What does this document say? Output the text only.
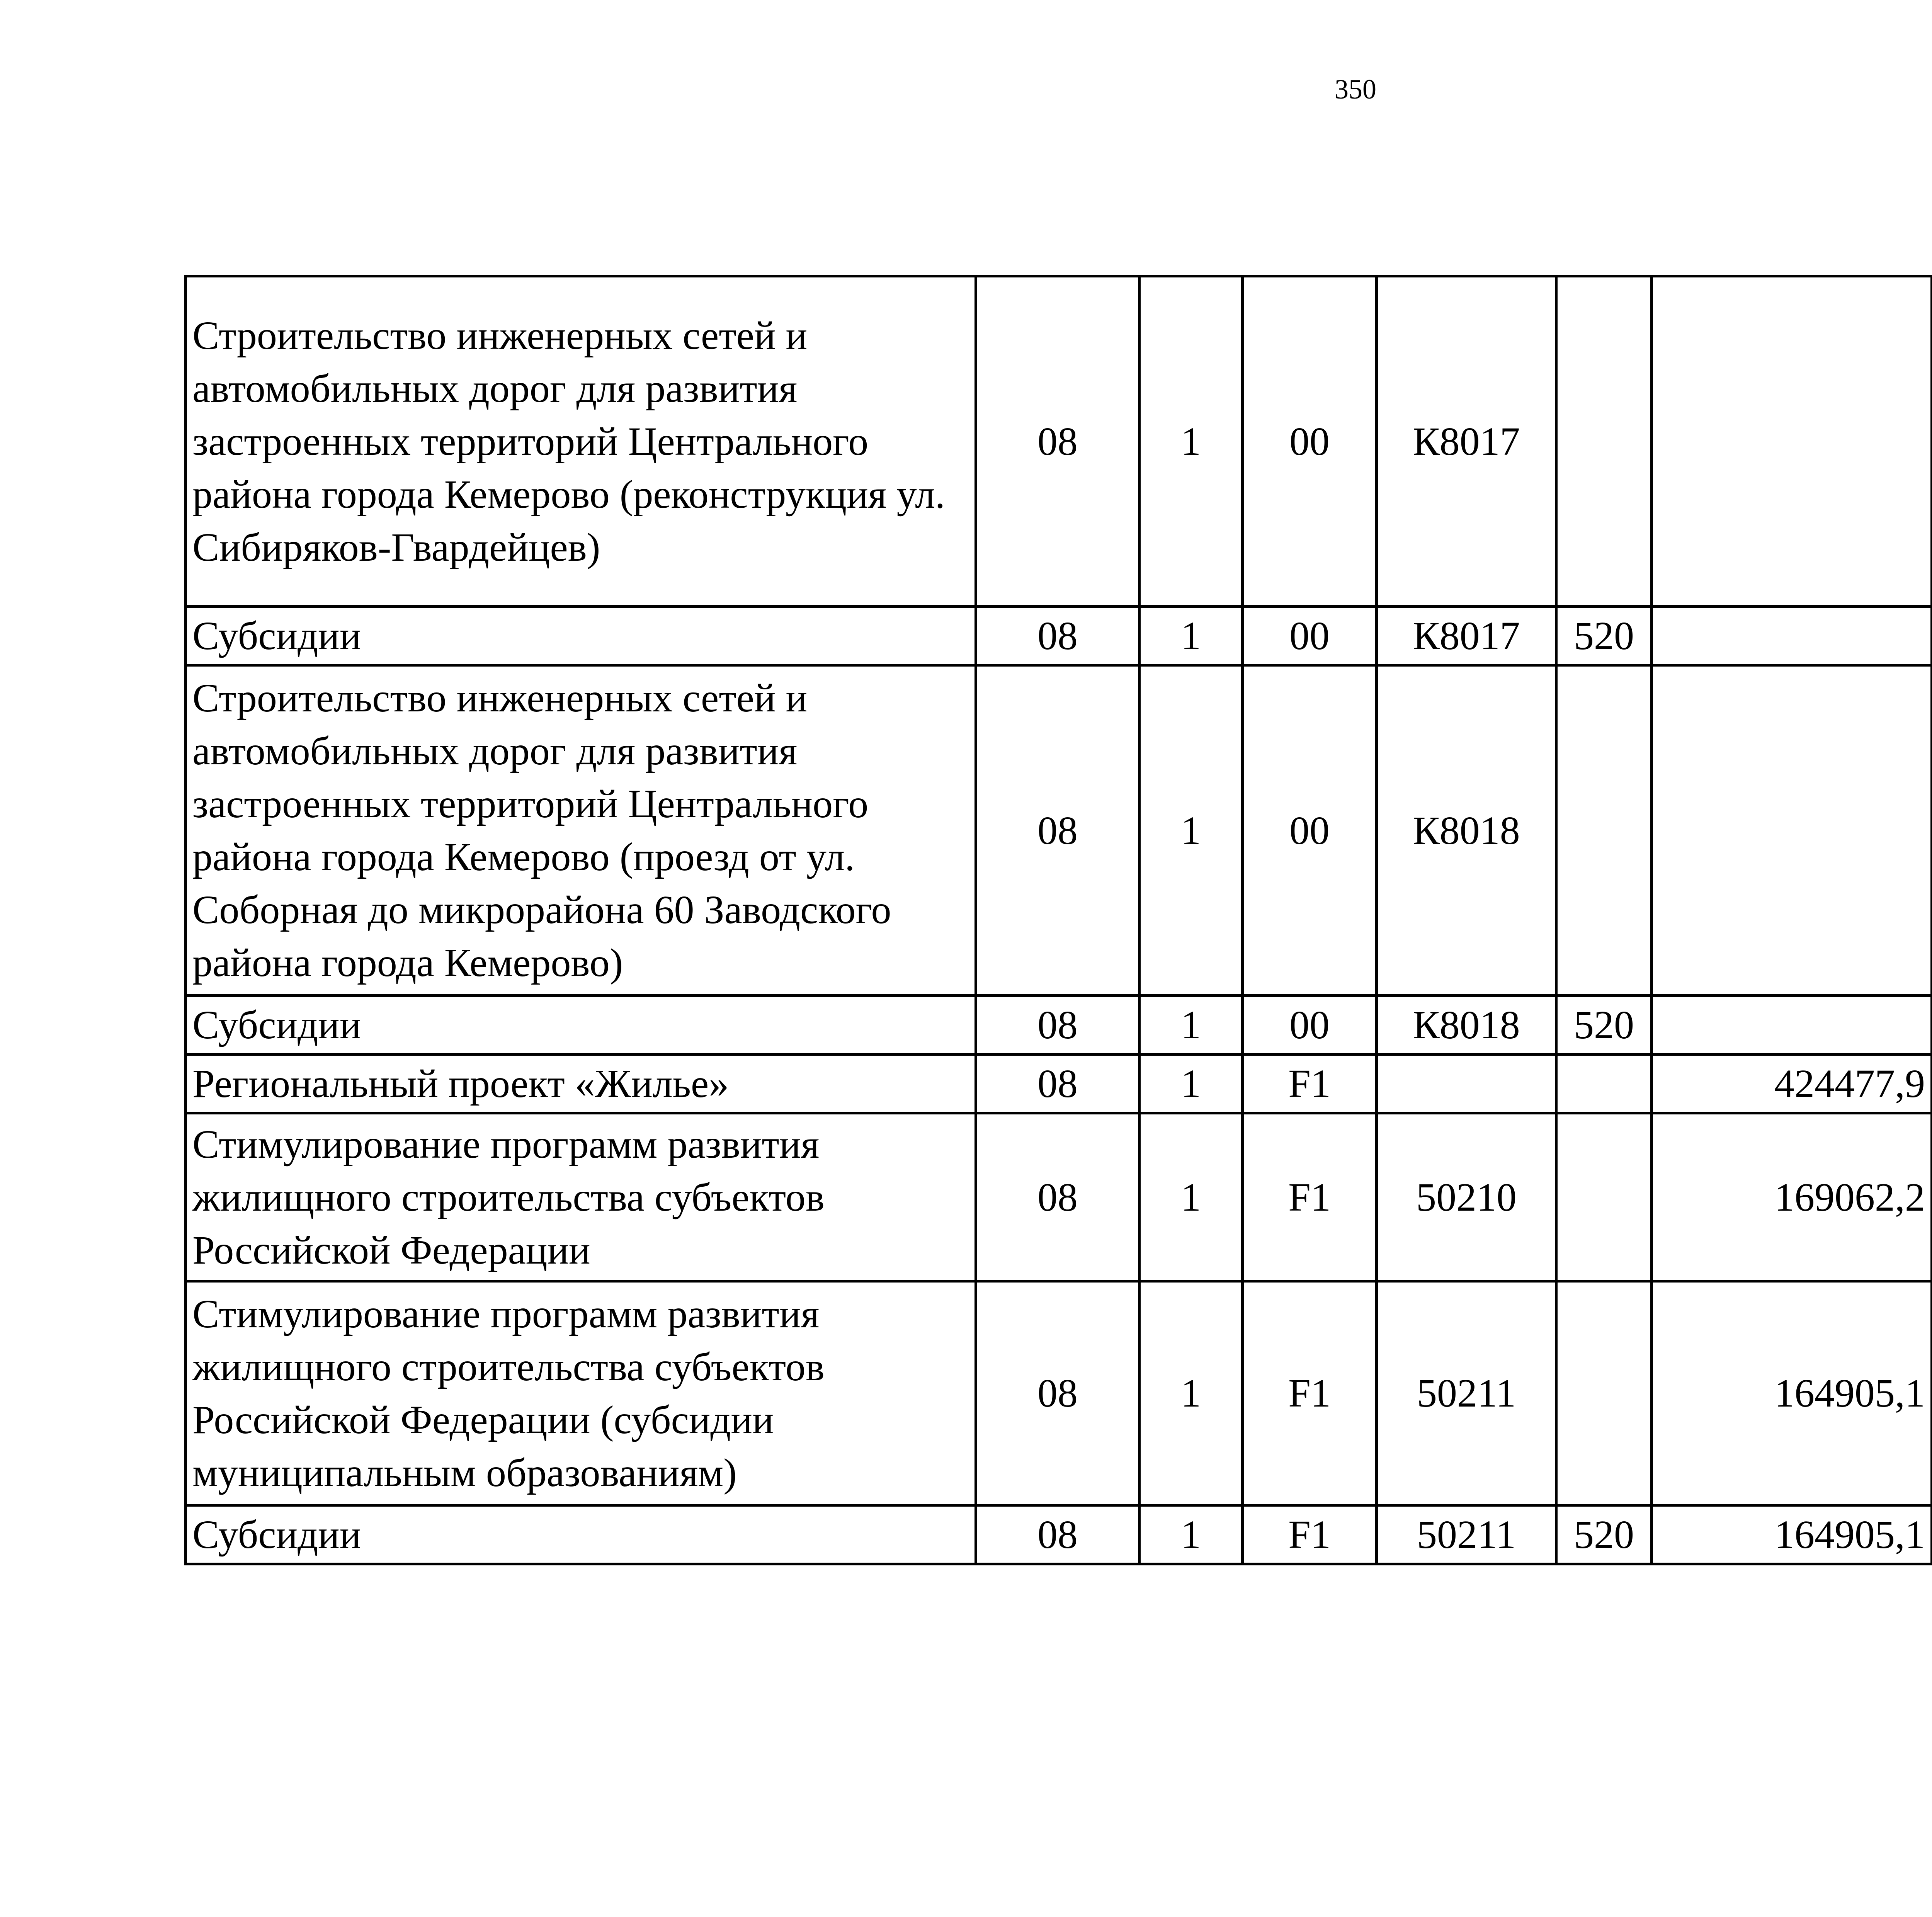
350
Строительство инженерных сетей и автомобильных дорог для развития застроенных территорий Центрального района города Кемерово (реконструкция ул. Сибиряков-Гвардейцев)	08	1	00	К8017				
Субсидии	08	1	00	К8017	520			
Строительство инженерных сетей и автомобильных дорог для развития застроенных территорий Центрального района города Кемерово (проезд от ул. Соборная до микрорайона 60 Заводского района города Кемерово)	08	1	00	К8018				
Субсидии	08	1	00	К8018	520			
Региональный проект «Жилье»	08	1	F1			424477,9		
Стимулирование программ развития жилищного строительства субъектов Российской Федерации	08	1	F1	50210		169062,2		
Стимулирование программ развития жилищного строительства субъектов Российской Федерации (субсидии муниципальным образованиям)	08	1	F1	50211		164905,1		
Субсидии	08	1	F1	50211	520	164905,1		
